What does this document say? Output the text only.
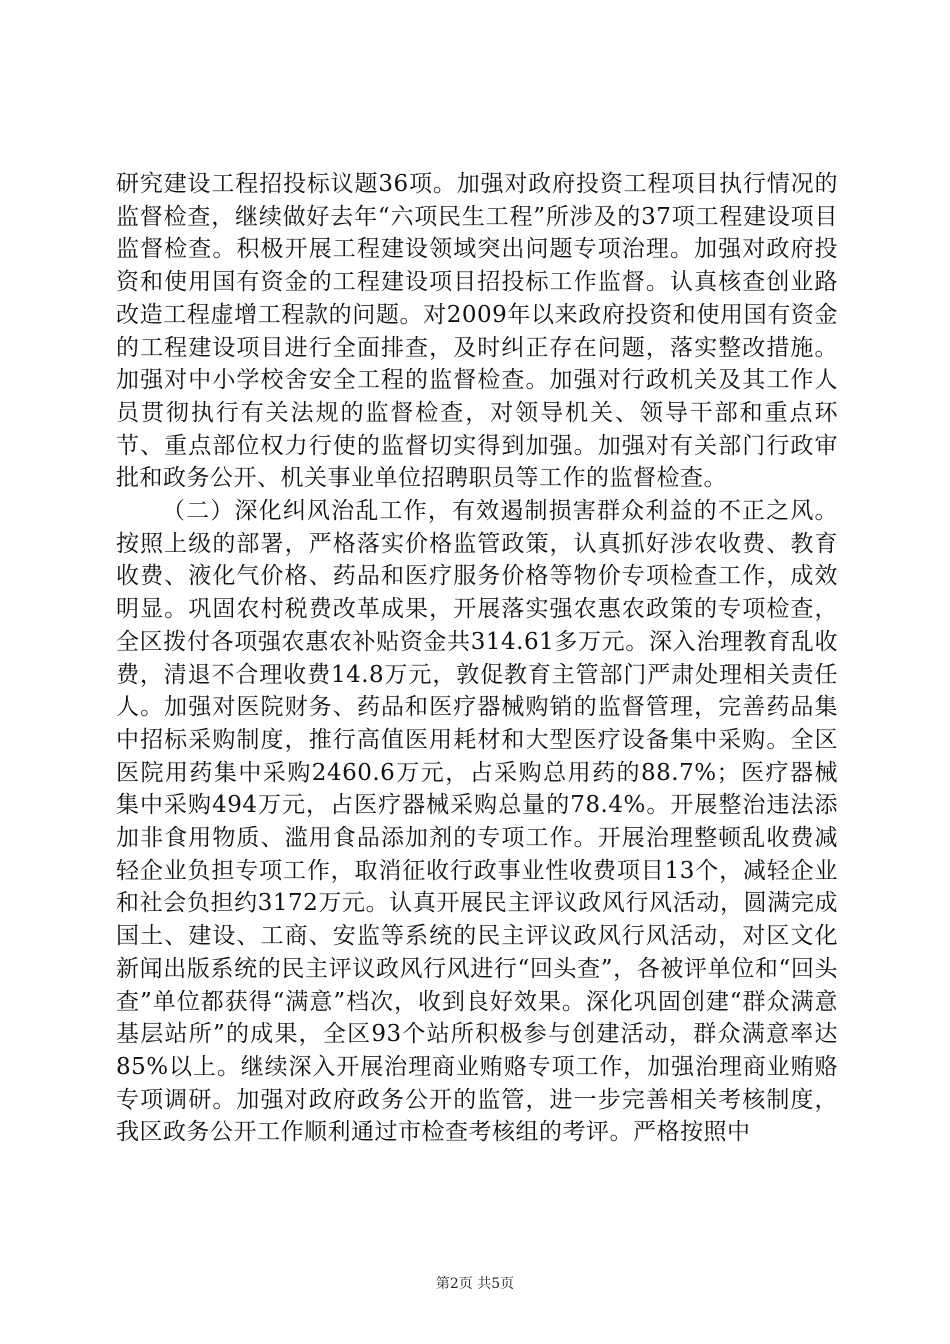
研究建设工程招投标议题36项。加强对政府投资工程项目执行情况的监督检查，继续做好去年“六项民生工程”所涉及的37项工程建设项目监督检查。积极开展工程建设领域突出问题专项治理。加强对政府投资和使用国有资金的工程建设项目招投标工作监督。认真核查创业路改造工程虚增工程款的问题。对2009年以来政府投资和使用国有资金的工程建设项目进行全面排查，及时纠正存在问题，落实整改措施。加强对中小学校舍安全工程的监督检查。加强对行政机关及其工作人员贯彻执行有关法规的监督检查，对领导机关、领导干部和重点环节、重点部位权力行使的监督切实得到加强。加强对有关部门行政审批和政务公开、机关事业单位招聘职员等工作的监督检查。

（二）深化纠风治乱工作，有效遏制损害群众利益的不正之风。按照上级的部署，严格落实价格监管政策，认真抓好涉农收费、教育收费、液化气价格、药品和医疗服务价格等物价专项检查工作，成效明显。巩固农村税费改革成果，开展落实强农惠农政策的专项检查，全区拨付各项强农惠农补贴资金共314.61多万元。深入治理教育乱收费，清退不合理收费14.8万元，敦促教育主管部门严肃处理相关责任人。加强对医院财务、药品和医疗器械购销的监督管理，完善药品集中招标采购制度，推行高值医用耗材和大型医疗设备集中采购。全区医院用药集中采购2460.6万元，占采购总用药的88.7%；医疗器械集中采购494万元，占医疗器械采购总量的78.4%。开展整治违法添加非食用物质、滥用食品添加剂的专项工作。开展治理整顿乱收费减轻企业负担专项工作，取消征收行政事业性收费项目13个，减轻企业和社会负担约3172万元。认真开展民主评议政风行风活动，圆满完成国土、建设、工商、安监等系统的民主评议政风行风活动，对区文化新闻出版系统的民主评议政风行风进行“回头查”，各被评单位和“回头查”单位都获得“满意”档次，收到良好效果。深化巩固创建“群众满意基层站所”的成果，全区93个站所积极参与创建活动，群众满意率达85%以上。继续深入开展治理商业贿赂专项工作，加强治理商业贿赂专项调研。加强对政府政务公开的监管，进一步完善相关考核制度，我区政务公开工作顺利通过市检查考核组的考评。严格按照中

第2页 共5页
